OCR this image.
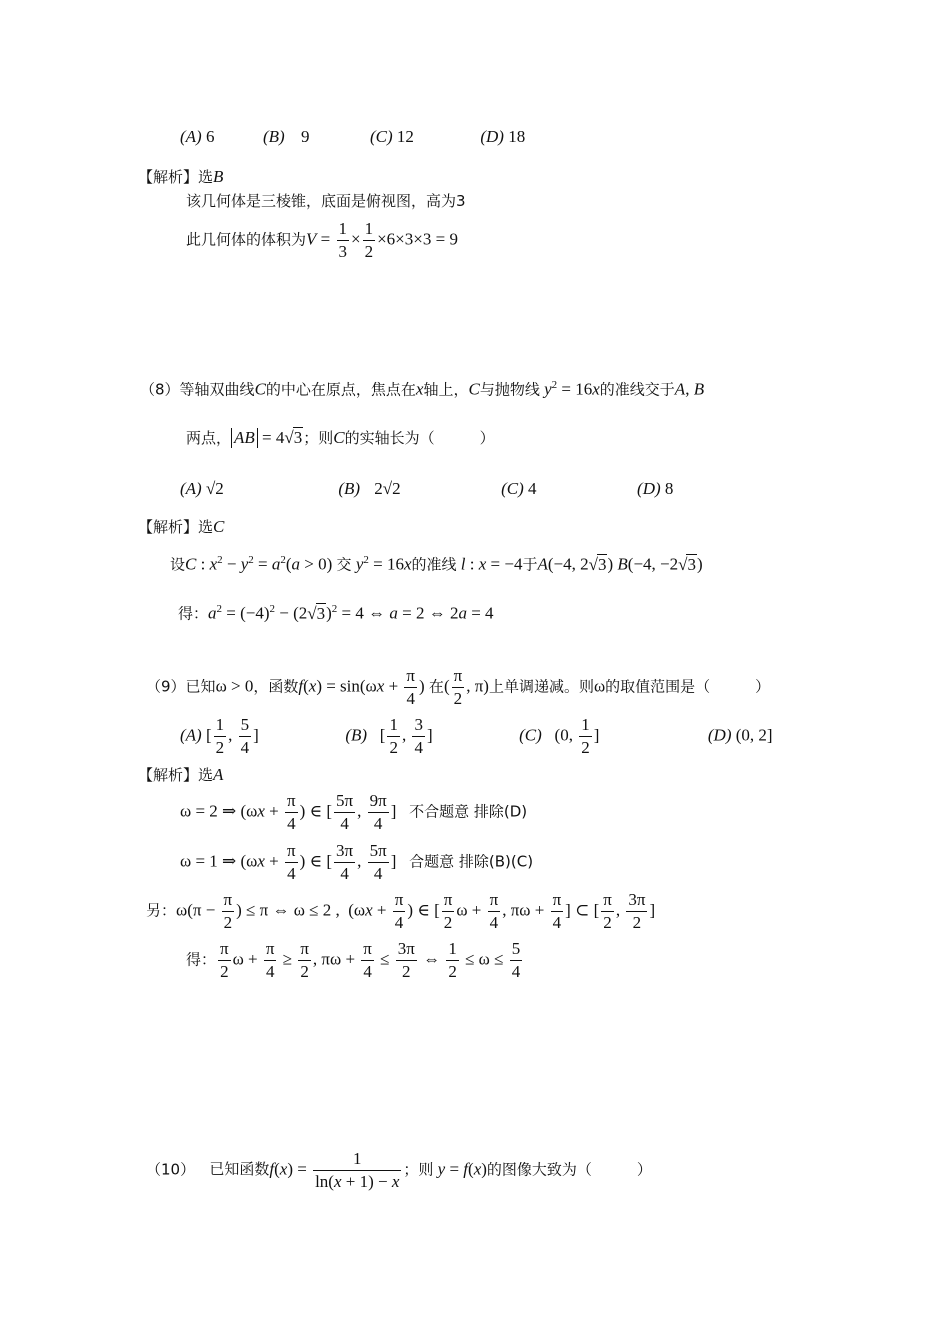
(A) 6	(B) 9	(C) 12	(D) 18
【解析】选B
该几何体是三棱锥，底面是俯视图，高为3
此几何体的体积为$V = \frac{1}{3} \times \frac{1}{2} \times 6\times 3\times 3 = 9$
（8）等轴双曲线C的中心在原点，焦点在x轴上，C与抛物线 $y^2 = 16x$的准线交于A, B
两点， AB = 4√3；则C的实轴长为（　　　）
(A) √2	(B) 2√2	(C) 4	(D) 8
【解析】选C
设C : $x^2 - y^2 = a^2(a > 0)$ 交 $y^2 = 16x$的准线 l : x = −4于A(−4, 2√3) B(−4, −2√3)
得：$a^2 = (-4)^2 - (2√3)^2 = 4$ ⇔ a = 2 ⇔ 2a = 4
（9）已知ω > 0，函数$f(x) = \sin(\omega x + \frac{\pi}{4}$ ) 在( $\frac{\pi}{2}$ , π)上单调递减。则ω的取值范围是（　　　）
(A) [ $\frac{1}{2}$ , $\frac{5}{4}$ ]	(B)   [ $\frac{1}{2}$ , $\frac{3}{4}$ ]	(C)   (0, $\frac{1}{2}$ ]	(D) (0, 2]
【解析】选A
ω = 2 ⇒ ($\omega x + \frac{\pi}{4}$ ) ∈ [ $\frac{5\pi}{4}$ , $\frac{9\pi}{4}$ ]   不合题意 排除(D)
ω = 1 ⇒ ($\omega x + \frac{\pi}{4}$ ) ∈ [ $\frac{3\pi}{4}$ , $\frac{5\pi}{4}$ ]   合题意 排除(B)(C)
另：$\omega(\pi - \frac{\pi}{2}$ ) ≤ π ⇔ ω ≤ 2 ,  ($\omega x + \frac{\pi}{4}$ ) ∈ [ $\frac{\pi}{2}$ $\omega + \frac{\pi}{4}$ , $\pi\omega + \frac{\pi}{4}$ ] ⊂ [ $\frac{\pi}{2}$ , $\frac{3\pi}{2}$ ]
得： $\frac{\pi}{2}$ $\omega + \frac{\pi}{4} \ge \frac{\pi}{2}$ , $\pi\omega + \frac{\pi}{4} \le \frac{3\pi}{2}$ ⇔ $\frac{1}{2} \le \omega \le \frac{5}{4}$
（10） 已知函数$f(x) = \frac{1}{\ln(x + 1) - x}$ ；则 y = f(x)的图像大致为（　　　）
